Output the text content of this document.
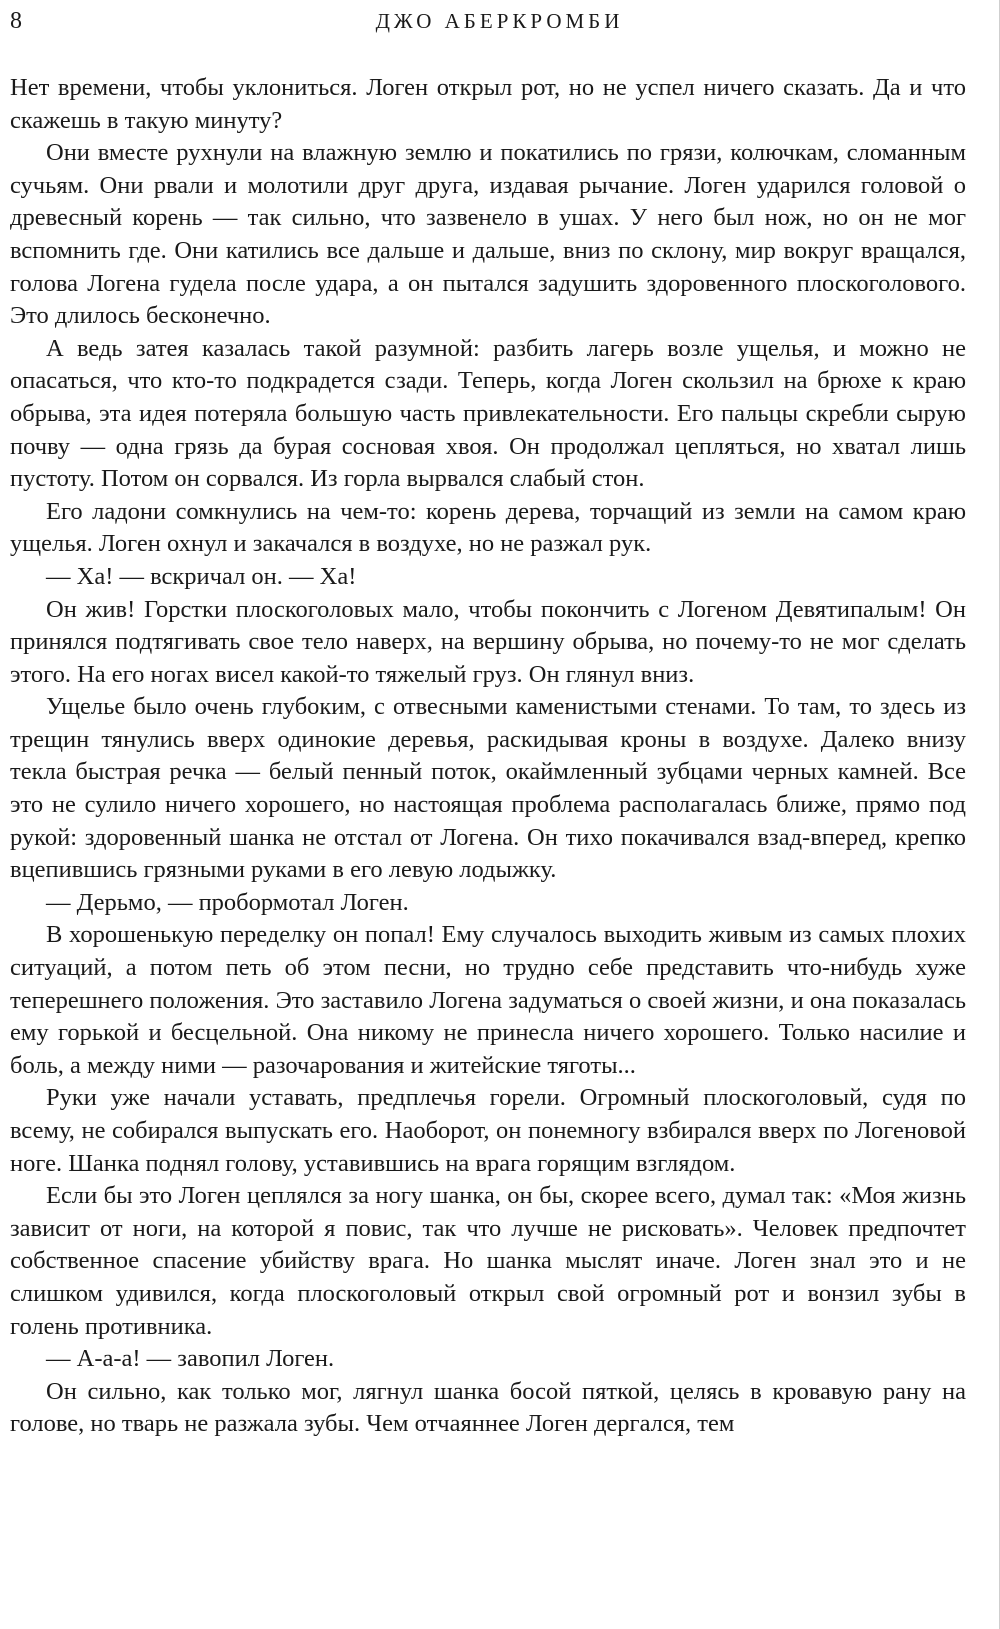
8	ДЖО АБЕРКРОМБИ

Нет времени, чтобы уклониться. Логен открыл рот, но не успел ничего сказать. Да и что скажешь в такую минуту?

Они вместе рухнули на влажную землю и покатились по грязи, колючкам, сломанным сучьям. Они рвали и молотили друг друга, издавая рычание. Логен ударился головой о древесный корень — так сильно, что зазвенело в ушах. У него был нож, но он не мог вспомнить где. Они катились все дальше и дальше, вниз по склону, мир вокруг вращался, голова Логена гудела после удара, а он пытался задушить здоровенного плоскоголового. Это длилось бесконечно.

А ведь затея казалась такой разумной: разбить лагерь возле ущелья, и можно не опасаться, что кто-то подкрадется сзади. Теперь, когда Логен скользил на брюхе к краю обрыва, эта идея потеряла большую часть привлекательности. Его пальцы скребли сырую почву — одна грязь да бурая сосновая хвоя. Он продолжал цепляться, но хватал лишь пустоту. Потом он сорвался. Из горла вырвался слабый стон.

Его ладони сомкнулись на чем-то: корень дерева, торчащий из земли на самом краю ущелья. Логен охнул и закачался в воздухе, но не разжал рук.

— Ха! — вскричал он. — Ха!

Он жив! Горстки плоскоголовых мало, чтобы покончить с Логеном Девятипалым! Он принялся подтягивать свое тело наверх, на вершину обрыва, но почему-то не мог сделать этого. На его ногах висел какой-то тяжелый груз. Он глянул вниз.

Ущелье было очень глубоким, с отвесными каменистыми стенами. То там, то здесь из трещин тянулись вверх одинокие деревья, раскидывая кроны в воздухе. Далеко внизу текла быстрая речка — белый пенный поток, окаймленный зубцами черных камней. Все это не сулило ничего хорошего, но настоящая проблема располагалась ближе, прямо под рукой: здоровенный шанка не отстал от Логена. Он тихо покачивался взад-вперед, крепко вцепившись грязными руками в его левую лодыжку.

— Дерьмо, — пробормотал Логен.

В хорошенькую переделку он попал! Ему случалось выходить живым из самых плохих ситуаций, а потом петь об этом песни, но трудно себе представить что-нибудь хуже теперешнего положения. Это заставило Логена задуматься о своей жизни, и она показалась ему горькой и бесцельной. Она никому не принесла ничего хорошего. Только насилие и боль, а между ними — разочарования и житейские тяготы...

Руки уже начали уставать, предплечья горели. Огромный плоскоголовый, судя по всему, не собирался выпускать его. Наоборот, он понемногу взбирался вверх по Логеновой ноге. Шанка поднял голову, уставившись на врага горящим взглядом.

Если бы это Логен цеплялся за ногу шанка, он бы, скорее всего, думал так: «Моя жизнь зависит от ноги, на которой я повис, так что лучше не рисковать». Человек предпочтет собственное спасение убийству врага. Но шанка мыслят иначе. Логен знал это и не слишком удивился, когда плоскоголовый открыл свой огромный рот и вонзил зубы в голень противника.

— А-а-а! — завопил Логен.

Он сильно, как только мог, лягнул шанка босой пяткой, целясь в кровавую рану на голове, но тварь не разжала зубы. Чем отчаяннее Логен дергался, тем
